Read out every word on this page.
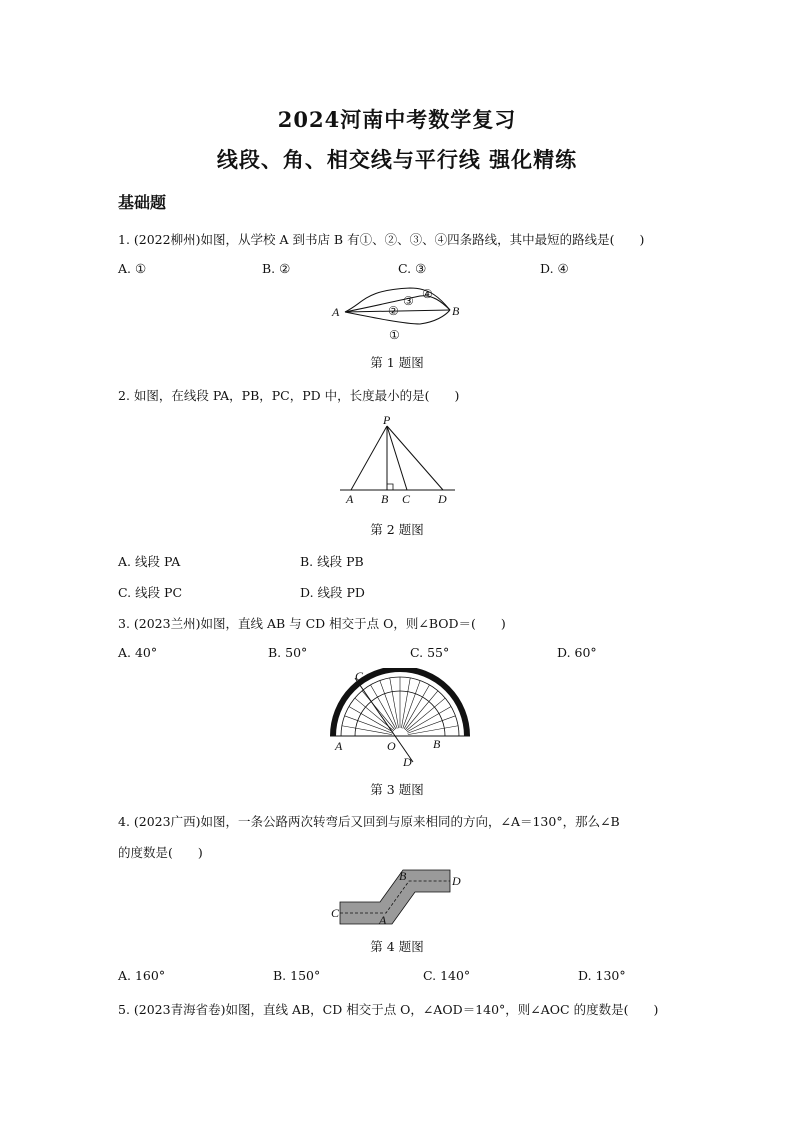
2024河南中考数学复习
线段、角、相交线与平行线 强化精练
基础题
1. (2022柳州)如图，从学校 A 到书店 B 有①、②、③、④四条路线，其中最短的路线是(　　)
A. ①	B. ②	C. ③	D. ④
A	B
②
③ ④
①
第 1 题图
2. 如图，在线段 PA，PB，PC，PD 中，长度最小的是(　　)
P
A B C D
第 2 题图
A. 线段 PA	B. 线段 PB
C. 线段 PC	D. 线段 PD
3. (2023兰州)如图，直线 AB 与 CD 相交于点 O，则∠BOD＝(　　)
A. 40°	B. 50°	C. 55°	D. 60°
A	B
C
D
O
第 3 题图
4. (2023广西)如图，一条公路两次转弯后又回到与原来相同的方向，∠A＝130°，那么∠B
的度数是(　　)
C
D
B
A
第 4 题图
A. 160°	B. 150°	C. 140°	D. 130°
5. (2023青海省卷)如图，直线 AB，CD 相交于点 O，∠AOD＝140°，则∠AOC 的度数是(　　)
